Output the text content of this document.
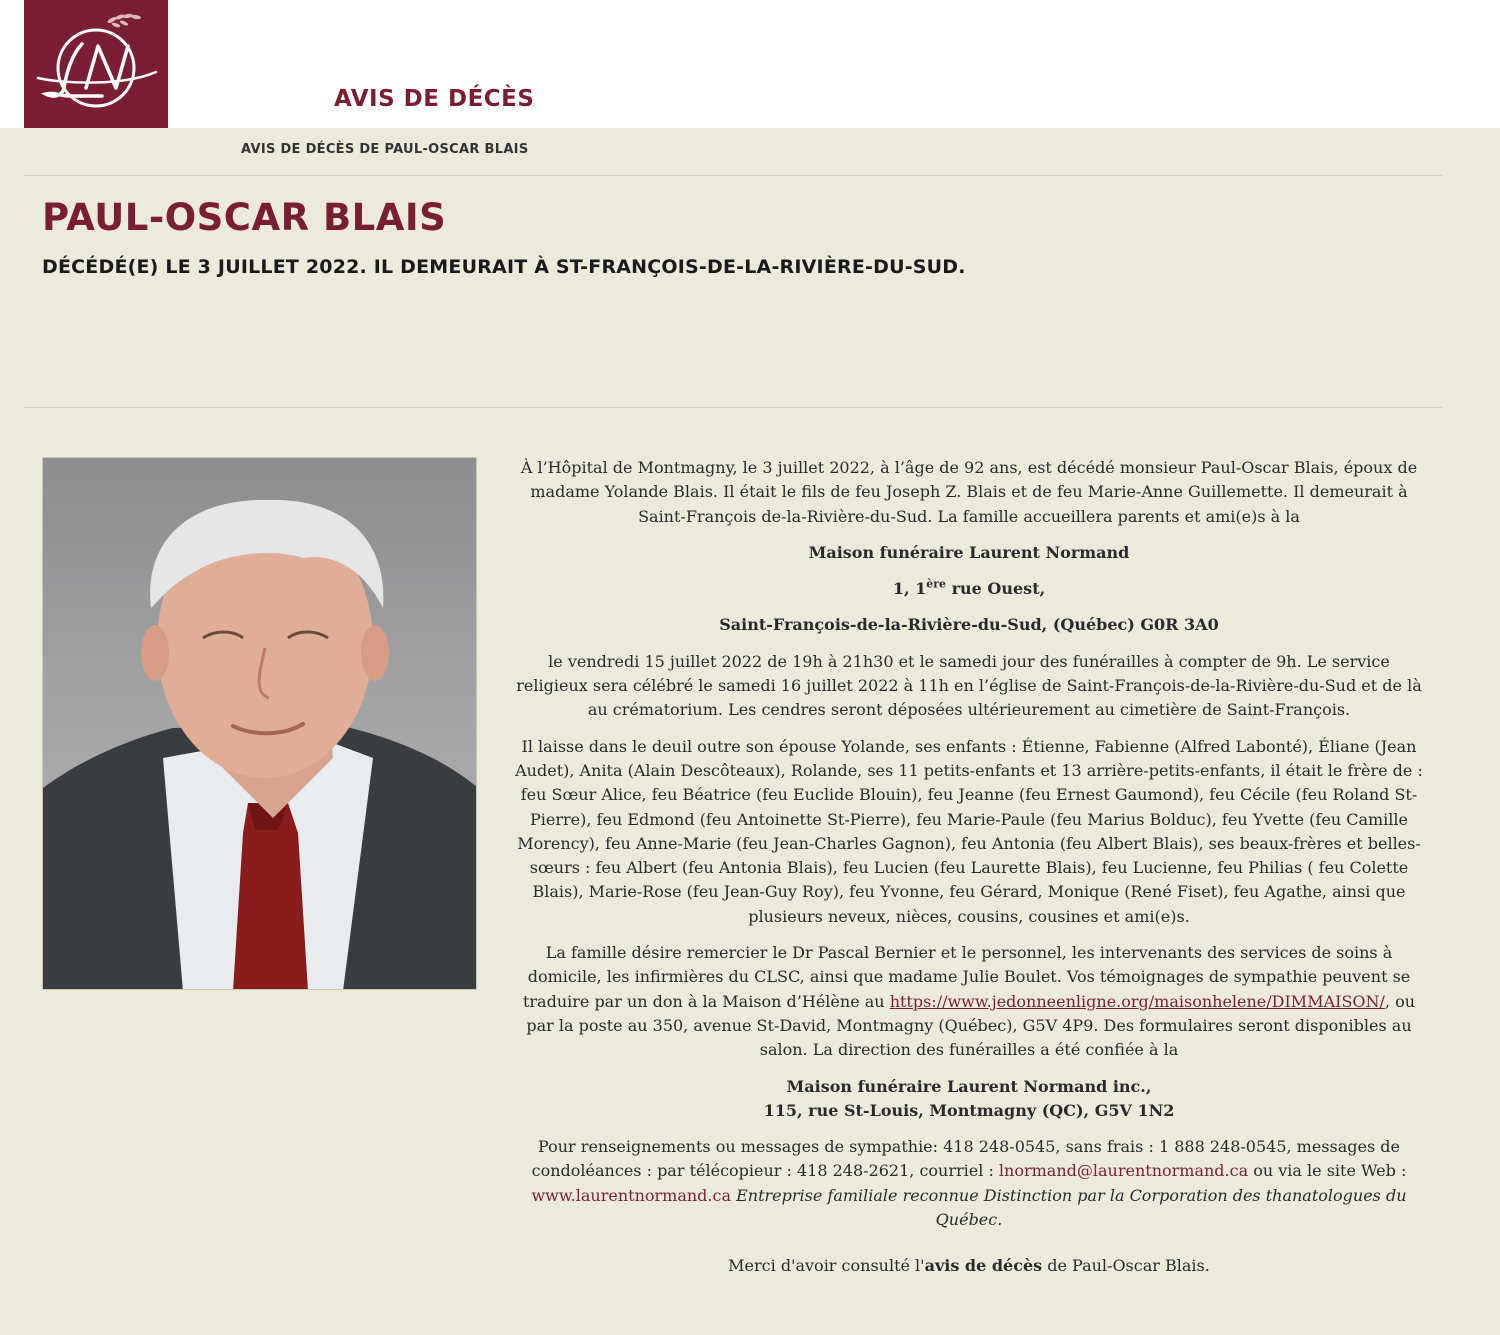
AVIS DE DÉCÈS
AVIS DE DÉCÈS DE PAUL-OSCAR BLAIS
PAUL-OSCAR BLAIS
DÉCÉDÉ(E) LE 3 JUILLET 2022. IL DEMEURAIT À ST-FRANÇOIS-DE-LA-RIVIÈRE-DU-SUD.

À l’Hôpital de Montmagny, le 3 juillet 2022, à l’âge de 92 ans, est décédé monsieur Paul-Oscar Blais, époux de madame Yolande Blais. Il était le fils de feu Joseph Z. Blais et de feu Marie-Anne Guillemette. Il demeurait à Saint-François de-la-Rivière-du-Sud. La famille accueillera parents et ami(e)s à la

Maison funéraire Laurent Normand

1, 1ère rue Ouest,

Saint-François-de-la-Rivière-du-Sud, (Québec) G0R 3A0

le vendredi 15 juillet 2022 de 19h à 21h30 et le samedi jour des funérailles à compter de 9h. Le service religieux sera célébré le samedi 16 juillet 2022 à 11h en l’église de Saint-François-de-la-Rivière-du-Sud et de là au crématorium. Les cendres seront déposées ultérieurement au cimetière de Saint-François.

Il laisse dans le deuil outre son épouse Yolande, ses enfants : Étienne, Fabienne (Alfred Labonté), Éliane (Jean Audet), Anita (Alain Descôteaux), Rolande, ses 11 petits-enfants et 13 arrière-petits-enfants, il était le frère de : feu Sœur Alice, feu Béatrice (feu Euclide Blouin), feu Jeanne (feu Ernest Gaumond), feu Cécile (feu Roland St-Pierre), feu Edmond (feu Antoinette St-Pierre), feu Marie-Paule (feu Marius Bolduc), feu Yvette (feu Camille Morency), feu Anne-Marie (feu Jean-Charles Gagnon), feu Antonia (feu Albert Blais), ses beaux-frères et belles-sœurs : feu Albert (feu Antonia Blais), feu Lucien (feu Laurette Blais), feu Lucienne, feu Philias ( feu Colette Blais), Marie-Rose (feu Jean-Guy Roy), feu Yvonne, feu Gérard, Monique (René Fiset), feu Agathe, ainsi que plusieurs neveux, nièces, cousins, cousines et ami(e)s.

La famille désire remercier le Dr Pascal Bernier et le personnel, les intervenants des services de soins à domicile, les infirmières du CLSC, ainsi que madame Julie Boulet. Vos témoignages de sympathie peuvent se traduire par un don à la Maison d’Hélène au https://www.jedonneenligne.org/maisonhelene/DIMMAISON/, ou par la poste au 350, avenue St-David, Montmagny (Québec), G5V 4P9. Des formulaires seront disponibles au salon. La direction des funérailles a été confiée à la

Maison funéraire Laurent Normand inc.,

115, rue St-Louis, Montmagny (QC), G5V 1N2

Pour renseignements ou messages de sympathie: 418 248-0545, sans frais : 1 888 248-0545, messages de condoléances : par télécopieur : 418 248-2621, courriel : lnormand@laurentnormand.ca ou via le site Web : www.laurentnormand.ca Entreprise familiale reconnue Distinction par la Corporation des thanatologues du Québec.

Merci d'avoir consulté l'avis de décès de Paul-Oscar Blais.
